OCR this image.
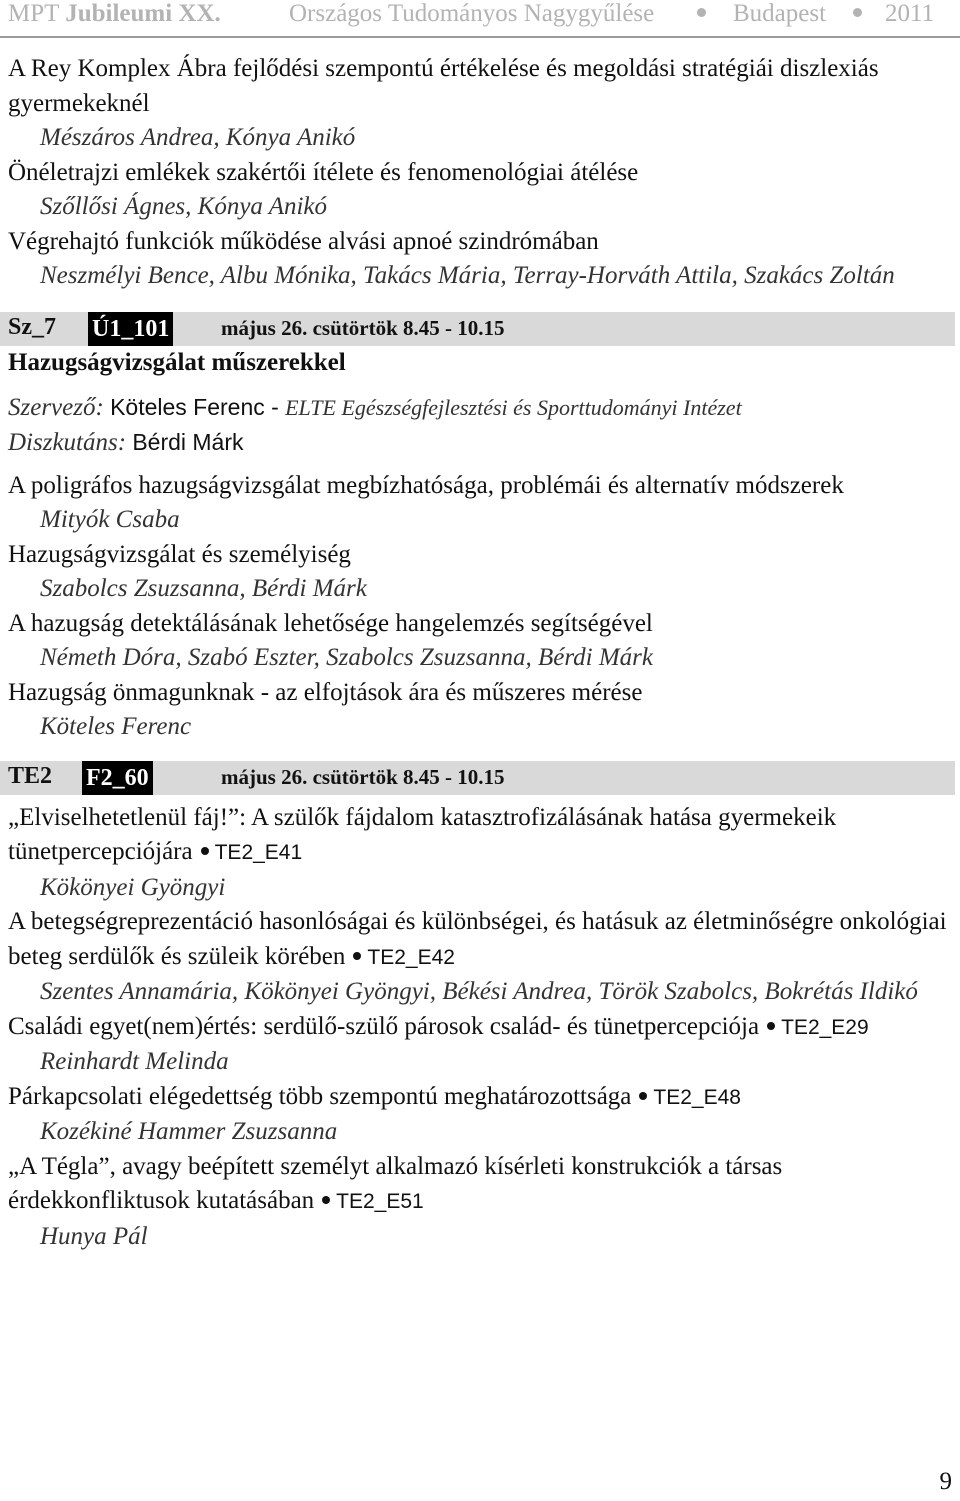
MPT Jubileumi XX.	Országos Tudományos Nagygyűlése	Budapest 2011

A Rey Komplex Ábra fejlődési szempontú értékelése és megoldási stratégiái diszlexiás gyermekeknél

Mészáros Andrea, Kónya Anikó

Önéletrajzi emlékek szakértői ítélete és fenomenológiai átélése

Szőllősi Ágnes, Kónya Anikó

Végrehajtó funkciók működése alvási apnoé szindrómában

Neszmélyi Bence, Albu Mónika, Takács Mária, Terray-Horváth Attila, Szakács Zoltán

Sz_7 Ú1_101 május 26. csütörtök 8.45 - 10.15

Hazugságvizsgálat műszerekkel

Szervező: Köteles Ferenc - ELTE Egészségfejlesztési és Sporttudományi Intézet

Diszkutáns: Bérdi Márk

A poligráfos hazugságvizsgálat megbízhatósága, problémái és alternatív módszerek

Mityók Csaba

Hazugságvizsgálat és személyiség

Szabolcs Zsuzsanna, Bérdi Márk

A hazugság detektálásának lehetősége hangelemzés segítségével

Németh Dóra, Szabó Eszter, Szabolcs Zsuzsanna, Bérdi Márk

Hazugság önmagunknak - az elfojtások ára és műszeres mérése

Köteles Ferenc

TE2 F2_60	május 26. csütörtök 8.45 - 10.15

„Elviselhetetlenül fáj!”: A szülők fájdalom katasztrofizálásának hatása gyermekeik tünetpercepciójára TE2_E41

Kökönyei Gyöngyi

A betegségreprezentáció hasonlóságai és különbségei, és hatásuk az életminőségre onkológiai beteg serdülők és szüleik körében TE2_E42

Szentes Annamária, Kökönyei Gyöngyi, Békési Andrea, Török Szabolcs, Bokrétás Ildikó

Családi egyet(nem)értés: serdülő-szülő párosok család- és tünetpercepciója TE2_E29

Reinhardt Melinda

Párkapcsolati elégedettség több szempontú meghatározottsága TE2_E48

Kozékiné Hammer Zsuzsanna

„A Tégla”, avagy beépített személyt alkalmazó kísérleti konstrukciók a társas érdekkonfliktusok kutatásában TE2_E51

Hunya Pál

9
